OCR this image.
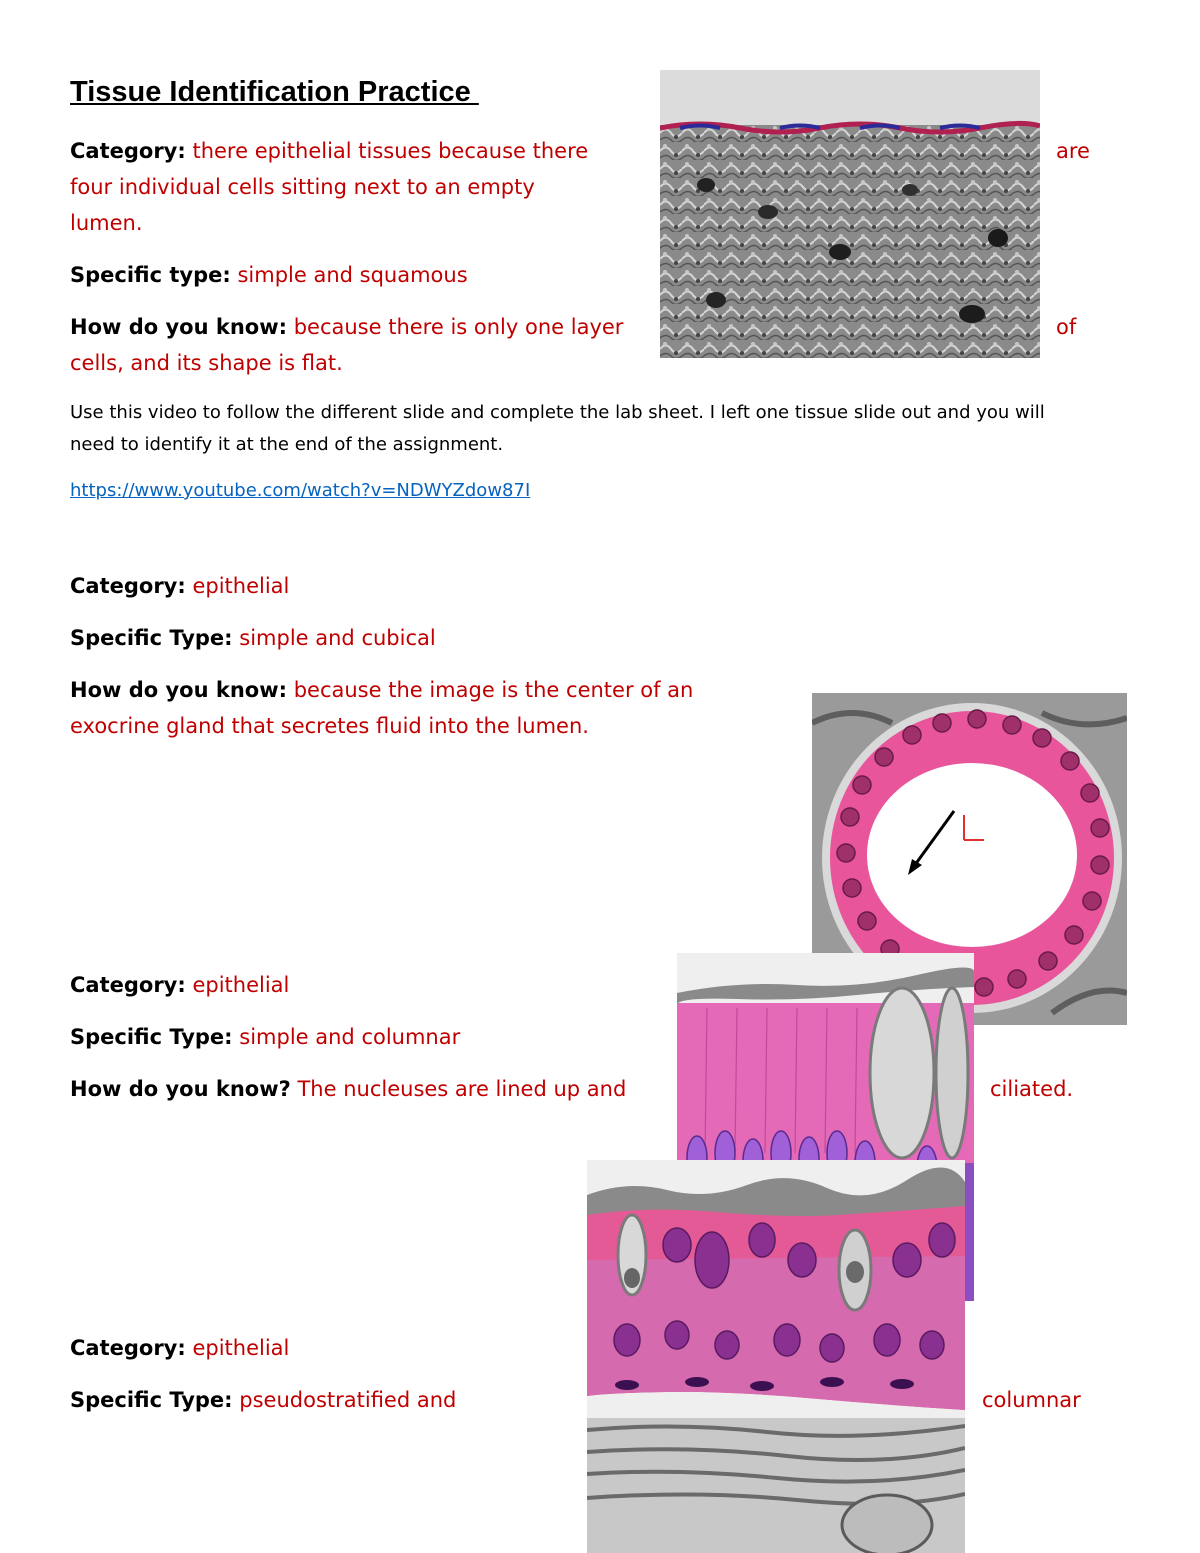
Tissue Identification Practice
Category: there epithelial tissues because there	are
four individual cells sitting next to an empty
lumen.
Specific type: simple and squamous
How do you know: because there is only one layer	of
cells, and its shape is flat.
Use this video to follow the different slide and complete the lab sheet. I left one tissue slide out and you will
need to identify it at the end of the assignment.
https://www.youtube.com/watch?v=NDWYZdow87I
Category: epithelial
Specific Type: simple and cubical
How do you know: because the image is the center of an
exocrine gland that secretes fluid into the lumen.
Category: epithelial
Specific Type: simple and columnar
How do you know? The nucleuses are lined up and	ciliated.
Category: epithelial
Specific Type: pseudostratified and	columnar
